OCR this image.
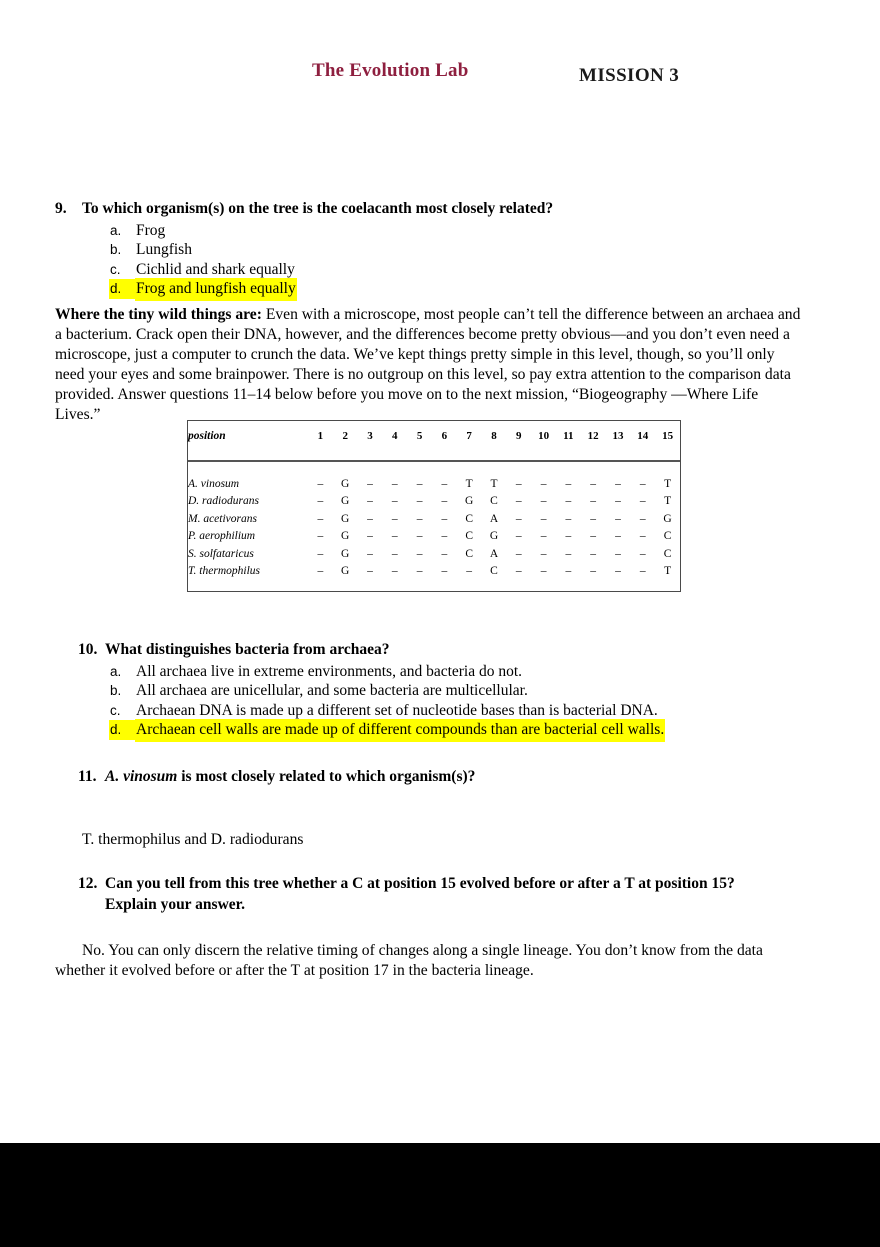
The Evolution Lab	MISSION 3
9. To which organism(s) on the tree is the coelacanth most closely related?
a. Frog
b. Lungfish
c. Cichlid and shark equally
d. Frog and lungfish equally
Where the tiny wild things are: Even with a microscope, most people can’t tell the difference between an archaea and a bacterium. Crack open their DNA, however, and the differences become pretty obvious—and you don’t even need a microscope, just a computer to crunch the data. We’ve kept things pretty simple in this level, though, so you’ll only need your eyes and some brainpower. There is no outgroup on this level, so pay extra attention to the comparison data provided. Answer questions 11–14 below before you move on to the next mission, “Biogeography —Where Life Lives.”
position	1	2	3	4	5	6	7	8	9	10	11	12	13	14	15

A. vinosum	–	G	–	–	–	–	T	T	–	–	–	–	–	–	T
D. radiodurans	–	G	–	–	–	–	G	C	–	–	–	–	–	–	T
M. acetivorans	–	G	–	–	–	–	C	A	–	–	–	–	–	–	G
P. aerophilium	–	G	–	–	–	–	C	G	–	–	–	–	–	–	C
S. solfataricus	–	G	–	–	–	–	C	A	–	–	–	–	–	–	C
T. thermophilus	–	G	–	–	–	–	–	C	–	–	–	–	–	–	T
10. What distinguishes bacteria from archaea?
a. All archaea live in extreme environments, and bacteria do not.
b. All archaea are unicellular, and some bacteria are multicellular.
c. Archaean DNA is made up a different set of nucleotide bases than is bacterial DNA.
d. Archaean cell walls are made up of different compounds than are bacterial cell walls.
11. A. vinosum is most closely related to which organism(s)?
T. thermophilus and D. radiodurans
12. Can you tell from this tree whether a C at position 15 evolved before or after a T at position 15?
Explain your answer.
No. You can only discern the relative timing of changes along a single lineage. You don’t know from the data whether it evolved before or after the T at position 17 in the bacteria lineage.
